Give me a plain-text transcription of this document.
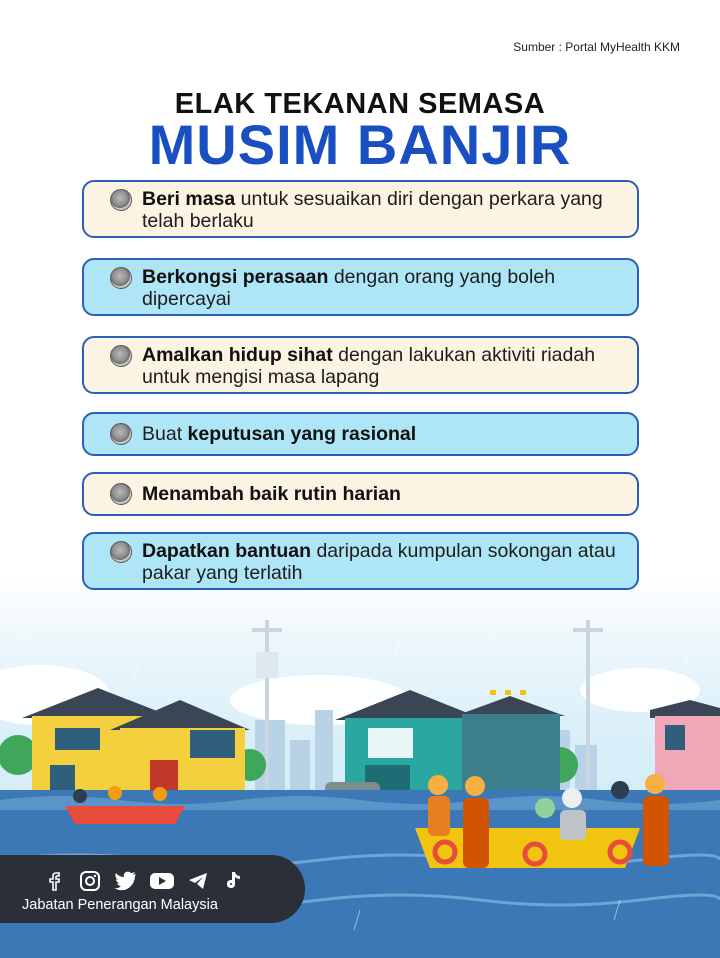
Sumber : Portal MyHealth KKM
ELAK TEKANAN SEMASA
MUSIM BANJIR
Beri masa untuk sesuaikan diri dengan perkara yang telah berlaku
Berkongsi perasaan dengan orang yang boleh dipercayai
Amalkan hidup sihat dengan lakukan aktiviti riadah untuk mengisi masa lapang
Buat
keputusan yang rasional
Menambah baik rutin harian
Dapatkan bantuan daripada kumpulan sokongan atau pakar yang terlatih
Jabatan Penerangan Malaysia
